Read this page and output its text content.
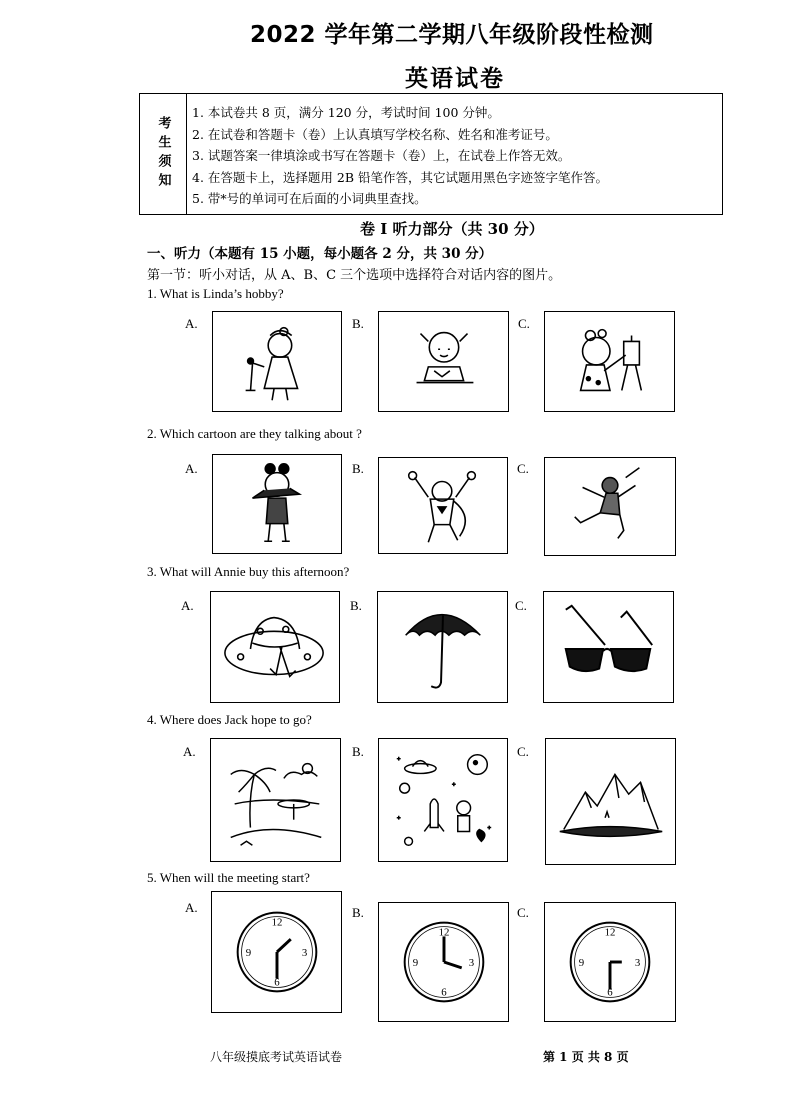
2022 学年第二学期八年级阶段性检测
英语试卷
考生须知
1. 本试卷共 8 页，满分 120 分，考试时间 100 分钟。
2. 在试卷和答题卡（卷）上认真填写学校名称、姓名和准考证号。
3. 试题答案一律填涂或书写在答题卡（卷）上，在试卷上作答无效。
4. 在答题卡上，选择题用 2B 铅笔作答，其它试题用黑色字迹签字笔作答。
5. 带*号的单词可在后面的小词典里查找。
卷 I 听力部分（共 30 分）
一、听力（本题有 15 小题，每小题各 2 分，共 30 分）
第一节：听小对话，从 A、B、C 三个选项中选择符合对话内容的图片。
1. What is Linda’s hobby?
A.	B.	C.
2. Which cartoon are they talking about ?
A.	B.	C.
3. What will Annie buy this afternoon?
A.	B.	C.
4. Where does Jack hope to go?
A.	B.	C.
5. When will the meeting start?
A.
12
3
6
9
B.
12
3
6
9
C.
12
3
6
9
八年级摸底考试英语试卷	第 1 页 共 8 页
